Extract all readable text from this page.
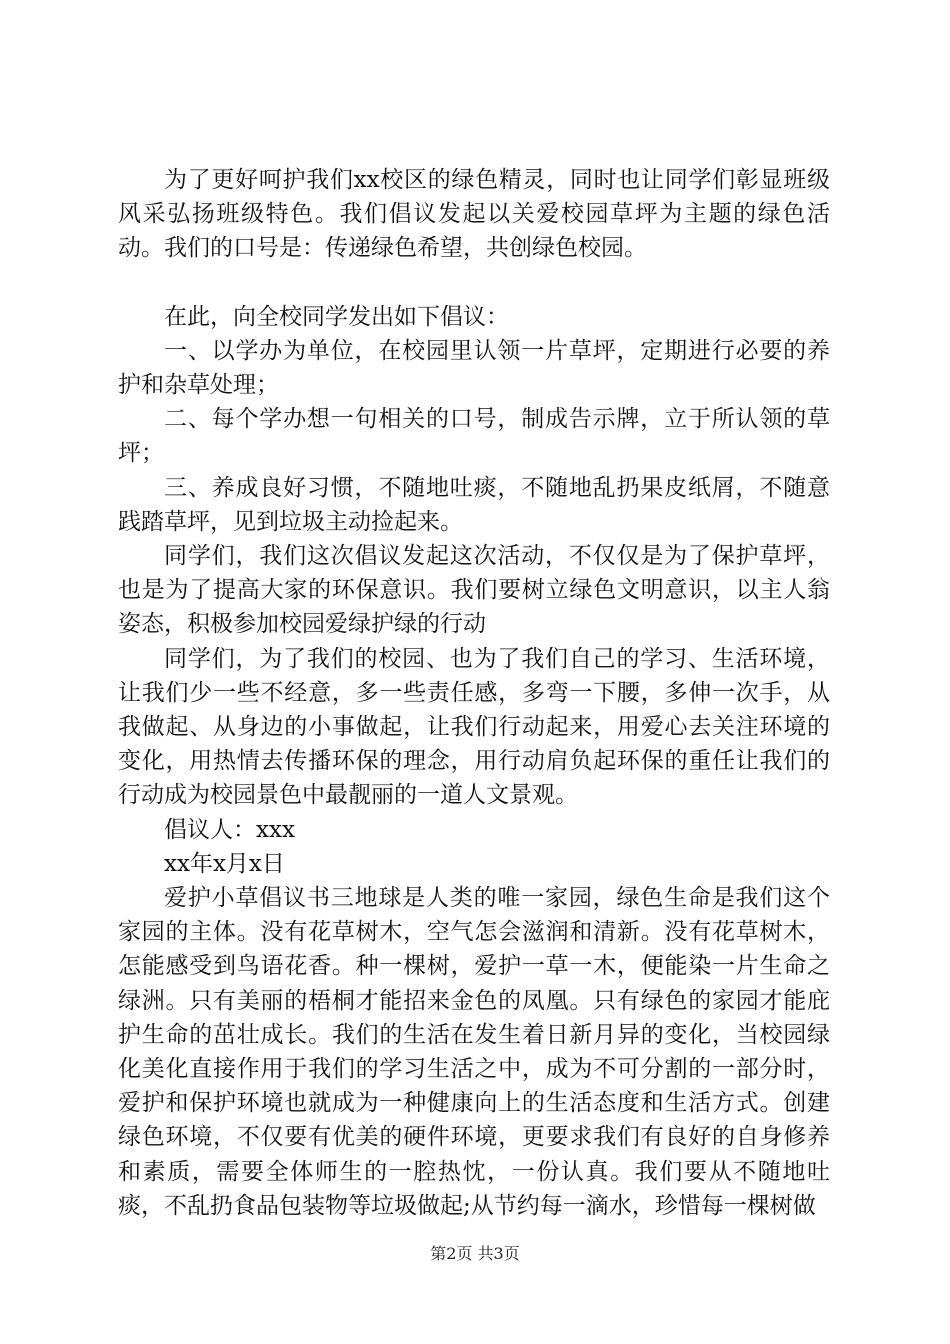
为了更好呵护我们xx校区的绿色精灵，同时也让同学们彰显班级风采弘扬班级特色。我们倡议发起以关爱校园草坪为主题的绿色活动。我们的口号是：传递绿色希望，共创绿色校园。

在此，向全校同学发出如下倡议：

一、以学办为单位，在校园里认领一片草坪，定期进行必要的养护和杂草处理；

二、每个学办想一句相关的口号，制成告示牌，立于所认领的草坪；

三、养成良好习惯，不随地吐痰，不随地乱扔果皮纸屑，不随意践踏草坪，见到垃圾主动捡起来。

同学们，我们这次倡议发起这次活动，不仅仅是为了保护草坪，也是为了提高大家的环保意识。我们要树立绿色文明意识，以主人翁姿态，积极参加校园爱绿护绿的行动

同学们，为了我们的校园、也为了我们自己的学习、生活环境，让我们少一些不经意，多一些责任感，多弯一下腰，多伸一次手，从我做起、从身边的小事做起，让我们行动起来，用爱心去关注环境的变化，用热情去传播环保的理念，用行动肩负起环保的重任让我们的行动成为校园景色中最靓丽的一道人文景观。

倡议人：xxx

xx年x月x日

爱护小草倡议书三地球是人类的唯一家园，绿色生命是我们这个家园的主体。没有花草树木，空气怎会滋润和清新。没有花草树木，怎能感受到鸟语花香。种一棵树，爱护一草一木，便能染一片生命之绿洲。只有美丽的梧桐才能招来金色的凤凰。只有绿色的家园才能庇护生命的茁壮成长。我们的生活在发生着日新月异的变化，当校园绿化美化直接作用于我们的学习生活之中，成为不可分割的一部分时，爱护和保护环境也就成为一种健康向上的生活态度和生活方式。创建绿色环境，不仅要有优美的硬件环境，更要求我们有良好的自身修养和素质，需要全体师生的一腔热忱，一份认真。我们要从不随地吐痰，不乱扔食品包装物等垃圾做起;从节约每一滴水，珍惜每一棵树做

第2页 共3页
